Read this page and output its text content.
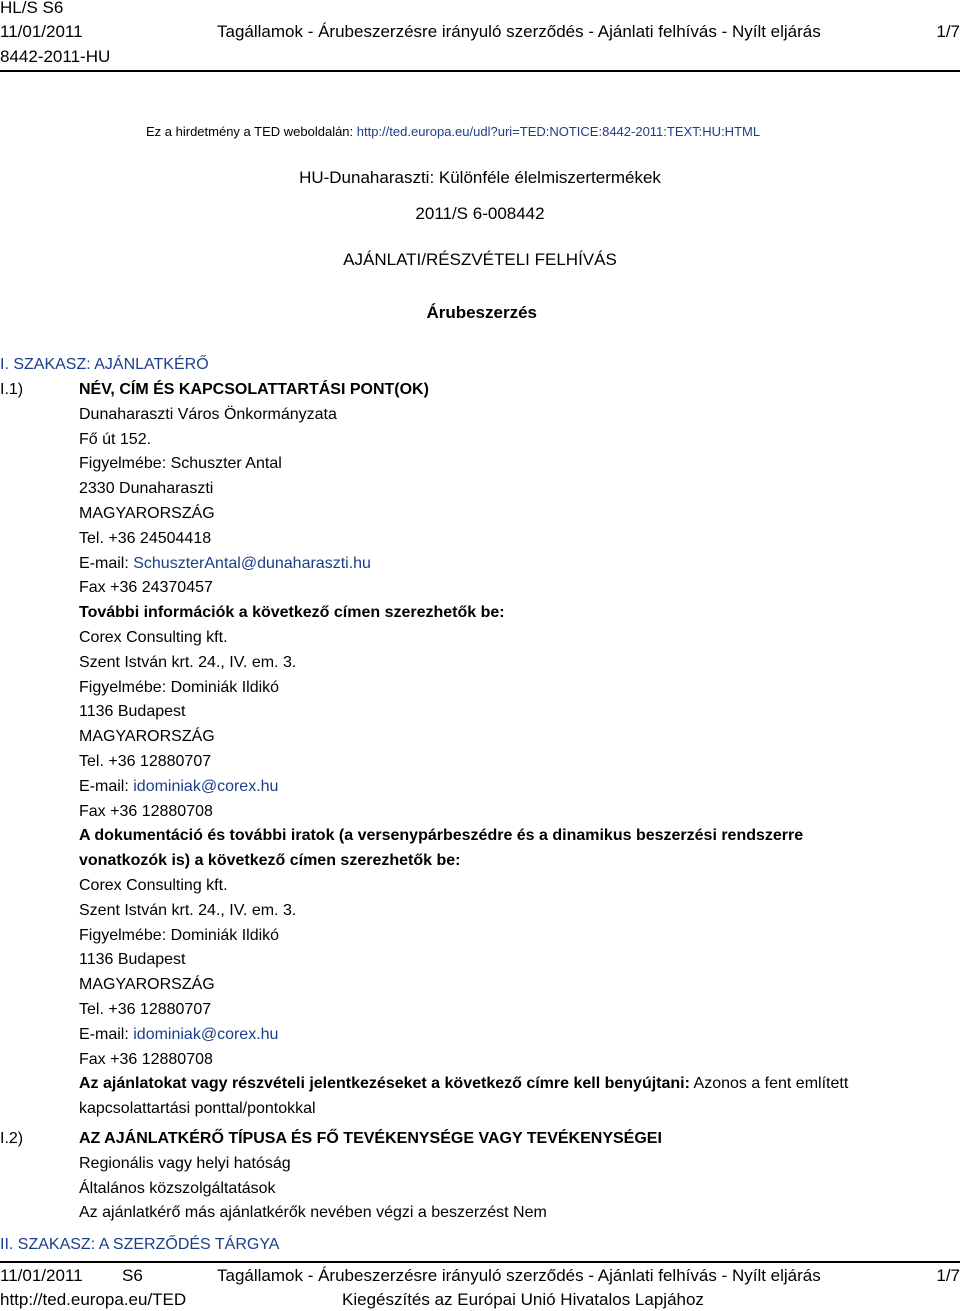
HL/S S6
11/01/2011
8442-2011-HU
Tagállamok - Árubeszerzésre irányuló szerződés - Ajánlati felhívás - Nyílt eljárás	1/7
Ez a hirdetmény a TED weboldalán: http://ted.europa.eu/udl?uri=TED:NOTICE:8442-2011:TEXT:HU:HTML
HU-Dunaharaszti: Különféle élelmiszertermékek
2011/S 6-008442
AJÁNLATI/RÉSZVÉTELI FELHÍVÁS
Árubeszerzés
I. SZAKASZ: AJÁNLATKÉRŐ
I.1)	NÉV, CÍM ÉS KAPCSOLATTARTÁSI PONT(OK)
Dunaharaszti Város Önkormányzata
Fő út 152.
Figyelmébe: Schuszter Antal
2330 Dunaharaszti
MAGYARORSZÁG
Tel. +36 24504418
E-mail: SchuszterAntal@dunaharaszti.hu
Fax +36 24370457
További információk a következő címen szerezhetők be:
Corex Consulting kft.
Szent István krt. 24., IV. em. 3.
Figyelmébe: Dominiák Ildikó
1136 Budapest
MAGYARORSZÁG
Tel. +36 12880707
E-mail: idominiak@corex.hu
Fax +36 12880708
A dokumentáció és további iratok (a versenypárbeszédre és a dinamikus beszerzési rendszerre
vonatkozók is) a következő címen szerezhetők be:
Corex Consulting kft.
Szent István krt. 24., IV. em. 3.
Figyelmébe: Dominiák Ildikó
1136 Budapest
MAGYARORSZÁG
Tel. +36 12880707
E-mail: idominiak@corex.hu
Fax +36 12880708
Az ajánlatokat vagy részvételi jelentkezéseket a következő címre kell benyújtani: Azonos a fent említett
kapcsolattartási ponttal/pontokkal
I.2)	AZ AJÁNLATKÉRŐ TÍPUSA ÉS FŐ TEVÉKENYSÉGE VAGY TEVÉKENYSÉGEI
Regionális vagy helyi hatóság
Általános közszolgáltatások
Az ajánlatkérő más ajánlatkérők nevében végzi a beszerzést Nem
II. SZAKASZ: A SZERZŐDÉS TÁRGYA
11/01/2011 S6	Tagállamok - Árubeszerzésre irányuló szerződés - Ajánlati felhívás - Nyílt eljárás	1/7
http://ted.europa.eu/TED	Kiegészítés az Európai Unió Hivatalos Lapjához
